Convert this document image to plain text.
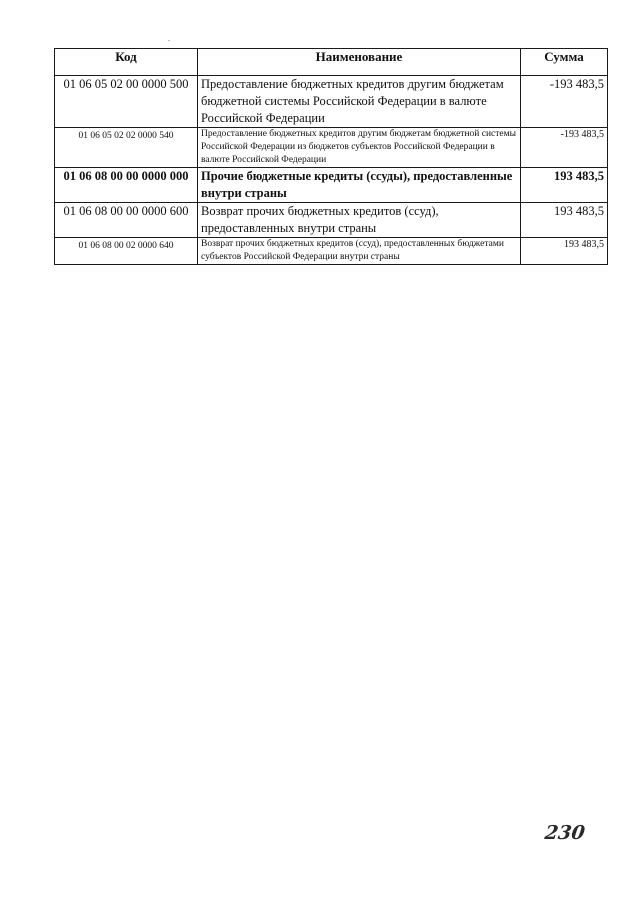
Код	Наименование	Сумма
01 06 05 02 00 0000 500	Предоставление бюджетных кредитов другим бюджетам бюджетной системы Российской Федерации в валюте Российской Федерации	-193 483,5
01 06 05 02 02 0000 540	Предоставление бюджетных кредитов другим бюджетам бюджетной системы Российской Федерации из бюджетов субъектов Российской Федерации в валюте Российской Федерации	-193 483,5
01 06 08 00 00 0000 000	Прочие бюджетные кредиты (ссуды), предоставленные внутри страны	193 483,5
01 06 08 00 00 0000 600	Возврат прочих бюджетных кредитов (ссуд), предоставленных внутри страны	193 483,5
01 06 08 00 02 0000 640	Возврат прочих бюджетных кредитов (ссуд), предоставленных бюджетами субъектов Российской Федерации внутри страны	193 483,5
230
